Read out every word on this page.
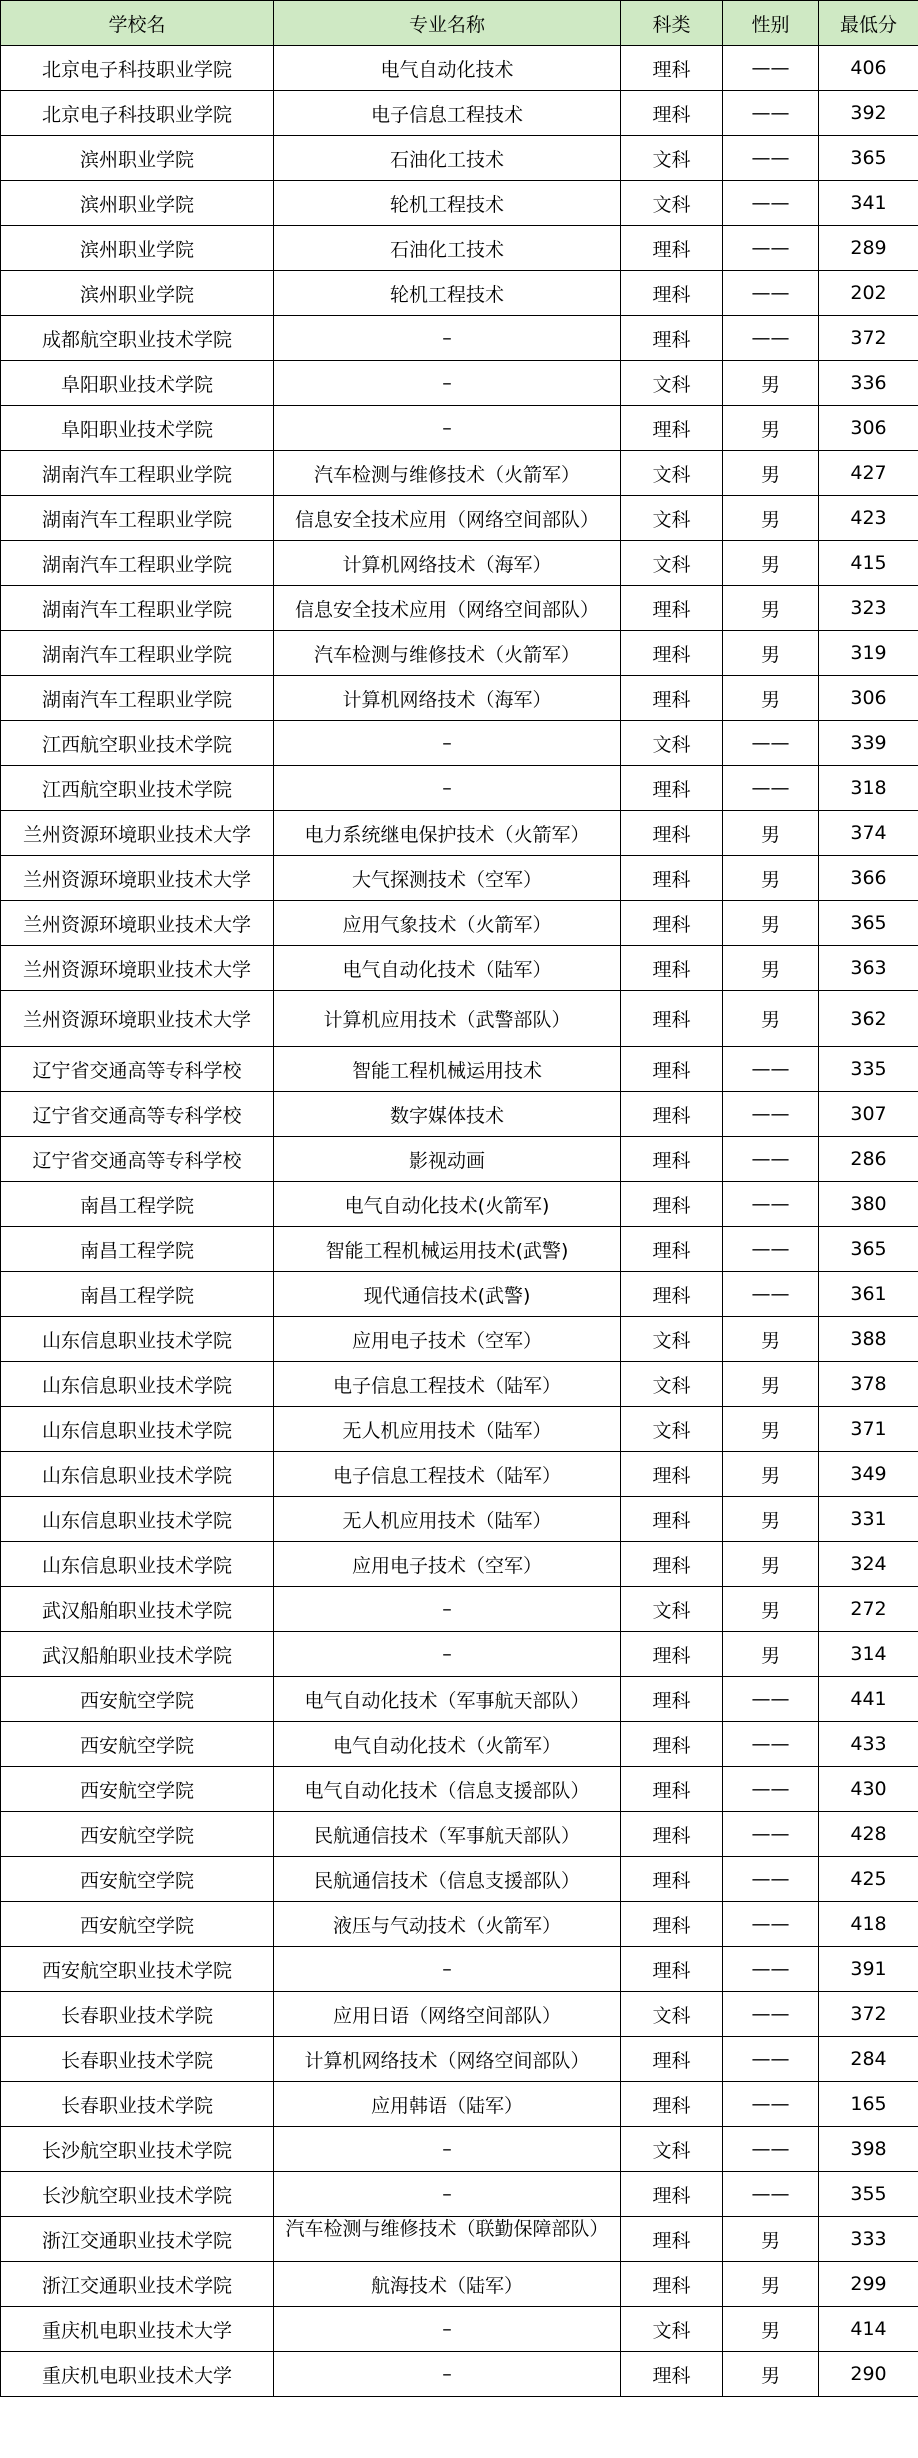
学校名	专业名称	科类	性别	最低分
北京电子科技职业学院	电气自动化技术	理科	——	406
北京电子科技职业学院	电子信息工程技术	理科	——	392
滨州职业学院	石油化工技术	文科	——	365
滨州职业学院	轮机工程技术	文科	——	341
滨州职业学院	石油化工技术	理科	——	289
滨州职业学院	轮机工程技术	理科	——	202
成都航空职业技术学院	–	理科	——	372
阜阳职业技术学院	–	文科	男	336
阜阳职业技术学院	–	理科	男	306
湖南汽车工程职业学院	汽车检测与维修技术（火箭军）	文科	男	427
湖南汽车工程职业学院	信息安全技术应用（网络空间部队）	文科	男	423
湖南汽车工程职业学院	计算机网络技术（海军）	文科	男	415
湖南汽车工程职业学院	信息安全技术应用（网络空间部队）	理科	男	323
湖南汽车工程职业学院	汽车检测与维修技术（火箭军）	理科	男	319
湖南汽车工程职业学院	计算机网络技术（海军）	理科	男	306
江西航空职业技术学院	–	文科	——	339
江西航空职业技术学院	–	理科	——	318
兰州资源环境职业技术大学	电力系统继电保护技术（火箭军）	理科	男	374
兰州资源环境职业技术大学	大气探测技术（空军）	理科	男	366
兰州资源环境职业技术大学	应用气象技术（火箭军）	理科	男	365
兰州资源环境职业技术大学	电气自动化技术（陆军）	理科	男	363
兰州资源环境职业技术大学	计算机应用技术（武警部队）	理科	男	362
辽宁省交通高等专科学校	智能工程机械运用技术	理科	——	335
辽宁省交通高等专科学校	数字媒体技术	理科	——	307
辽宁省交通高等专科学校	影视动画	理科	——	286
南昌工程学院	电气自动化技术(火箭军)	理科	——	380
南昌工程学院	智能工程机械运用技术(武警)	理科	——	365
南昌工程学院	现代通信技术(武警)	理科	——	361
山东信息职业技术学院	应用电子技术（空军）	文科	男	388
山东信息职业技术学院	电子信息工程技术（陆军）	文科	男	378
山东信息职业技术学院	无人机应用技术（陆军）	文科	男	371
山东信息职业技术学院	电子信息工程技术（陆军）	理科	男	349
山东信息职业技术学院	无人机应用技术（陆军）	理科	男	331
山东信息职业技术学院	应用电子技术（空军）	理科	男	324
武汉船舶职业技术学院	–	文科	男	272
武汉船舶职业技术学院	–	理科	男	314
西安航空学院	电气自动化技术（军事航天部队）	理科	——	441
西安航空学院	电气自动化技术（火箭军）	理科	——	433
西安航空学院	电气自动化技术（信息支援部队）	理科	——	430
西安航空学院	民航通信技术（军事航天部队）	理科	——	428
西安航空学院	民航通信技术（信息支援部队）	理科	——	425
西安航空学院	液压与气动技术（火箭军）	理科	——	418
西安航空职业技术学院	–	理科	——	391
长春职业技术学院	应用日语（网络空间部队）	文科	——	372
长春职业技术学院	计算机网络技术（网络空间部队）	理科	——	284
长春职业技术学院	应用韩语（陆军）	理科	——	165
长沙航空职业技术学院	–	文科	——	398
长沙航空职业技术学院	–	理科	——	355
浙江交通职业技术学院	汽车检测与维修技术（联勤保障部队）	理科	男	333
浙江交通职业技术学院	航海技术（陆军）	理科	男	299
重庆机电职业技术大学	–	文科	男	414
重庆机电职业技术大学	–	理科	男	290
